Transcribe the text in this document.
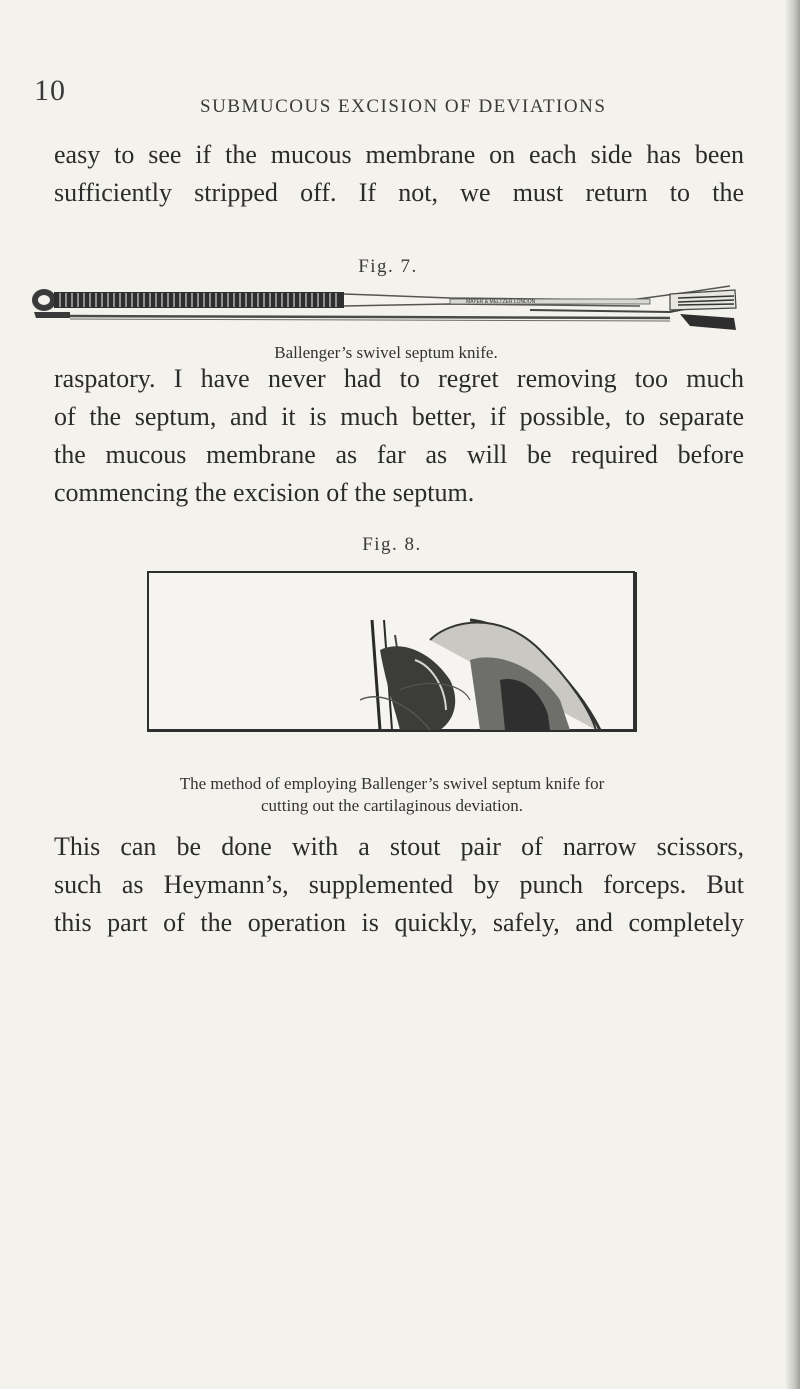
10	SUBMUCOUS EXCISION OF DEVIATIONS

easy to see if the mucous membrane on each side has been
sufficiently stripped off. If not, we must return to the

Fig. 7.
MAYER & MELTZER LONDON
Ballenger’s swivel septum knife.

raspatory. I have never had to regret removing too much
of the septum, and it is much better, if possible, to separate
the mucous membrane as far as will be required before
commencing the excision of the septum.

Fig. 8.
The method of employing Ballenger’s swivel septum knife for
cutting out the cartilaginous deviation.

This can be done with a stout pair of narrow scissors,
such as Heymann’s, supplemented by punch forceps. But
this part of the operation is quickly, safely, and completely
